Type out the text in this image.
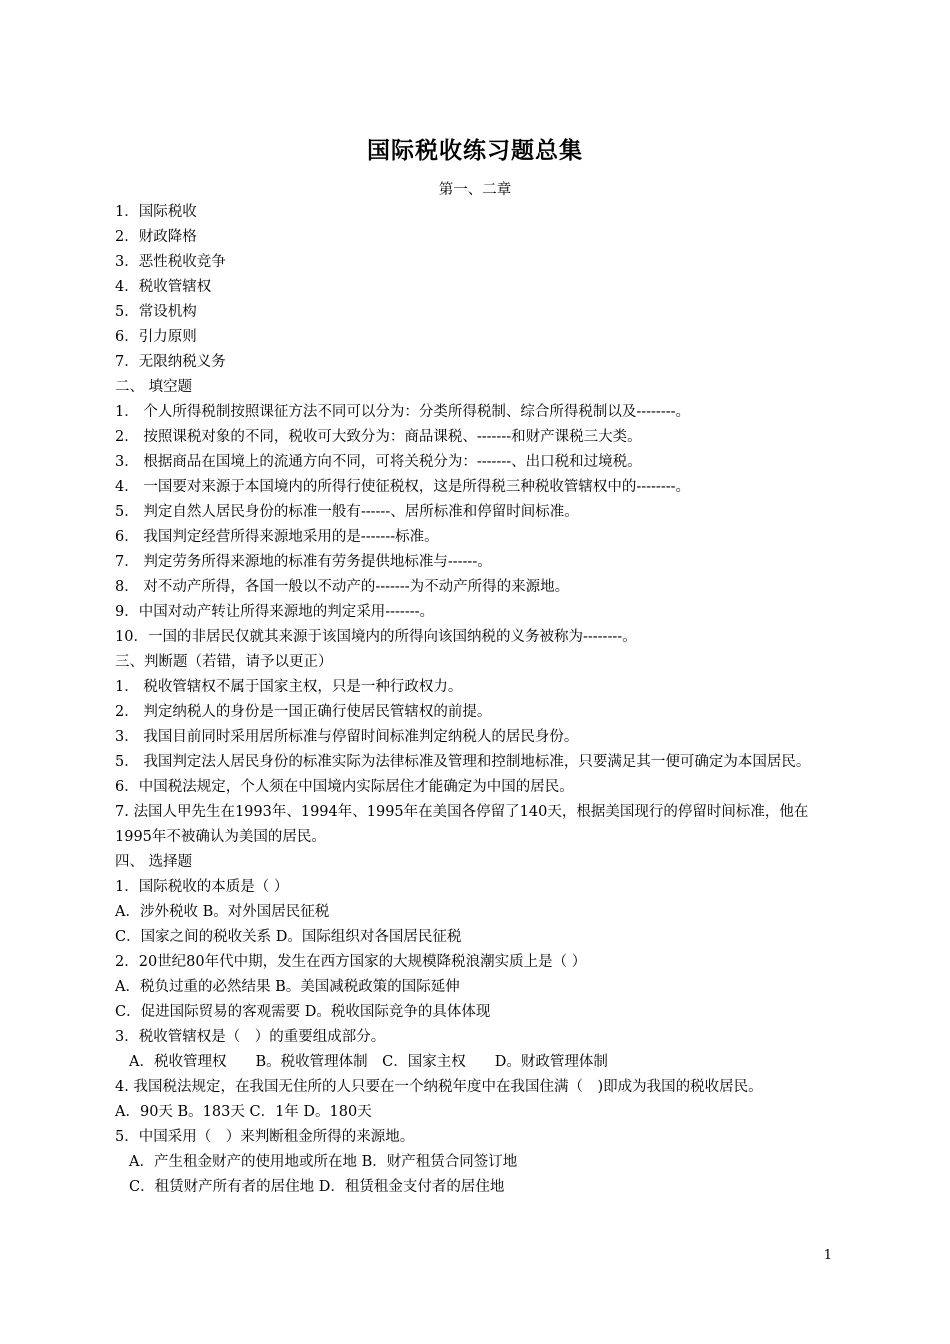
国际税收练习题总集
第一、二章
1．国际税收
2．财政降格
3．恶性税收竞争
4．税收管辖权
5．常设机构
6．引力原则
7．无限纳税义务
二、 填空题
1． 个人所得税制按照课征方法不同可以分为：分类所得税制、综合所得税制以及--------。
2． 按照课税对象的不同，税收可大致分为：商品课税、-------和财产课税三大类。
3． 根据商品在国境上的流通方向不同，可将关税分为：-------、出口税和过境税。
4． 一国要对来源于本国境内的所得行使征税权，这是所得税三种税收管辖权中的--------。
5． 判定自然人居民身份的标准一般有------、居所标准和停留时间标准。
6． 我国判定经营所得来源地采用的是-------标准。
7． 判定劳务所得来源地的标准有劳务提供地标准与------。
8． 对不动产所得，各国一般以不动产的-------为不动产所得的来源地。
9．中国对动产转让所得来源地的判定采用-------。
10．一国的非居民仅就其来源于该国境内的所得向该国纳税的义务被称为--------。
三、判断题（若错，请予以更正）
1． 税收管辖权不属于国家主权，只是一种行政权力。
2． 判定纳税人的身份是一国正确行使居民管辖权的前提。
3． 我国目前同时采用居所标准与停留时间标准判定纳税人的居民身份。
5． 我国判定法人居民身份的标准实际为法律标准及管理和控制地标准，只要满足其一便可确定为本国居民。
6．中国税法规定，个人须在中国境内实际居住才能确定为中国的居民。
7. 法国人甲先生在1993年、1994年、1995年在美国各停留了140天，根据美国现行的停留时间标准，他在1995年不被确认为美国的居民。
四、 选择题
1．国际税收的本质是（ ）
A．涉外税收 B。对外国居民征税
C．国家之间的税收关系 D。国际组织对各国居民征税
2．20世纪80年代中期，发生在西方国家的大规模降税浪潮实质上是（ ）
A．税负过重的必然结果 B。美国减税政策的国际延伸
C．促进国际贸易的客观需要 D。税收国际竞争的具体体现
3．税收管辖权是（　）的重要组成部分。
A．税收管理权　　B。税收管理体制　C．国家主权　　D。财政管理体制
4. 我国税法规定，在我国无住所的人只要在一个纳税年度中在我国住满（　)即成为我国的税收居民。
A．90天 B。183天 C．1年 D。180天
5．中国采用（　）来判断租金所得的来源地。
A．产生租金财产的使用地或所在地 B．财产租赁合同签订地
C．租赁财产所有者的居住地 D．租赁租金支付者的居住地
1
